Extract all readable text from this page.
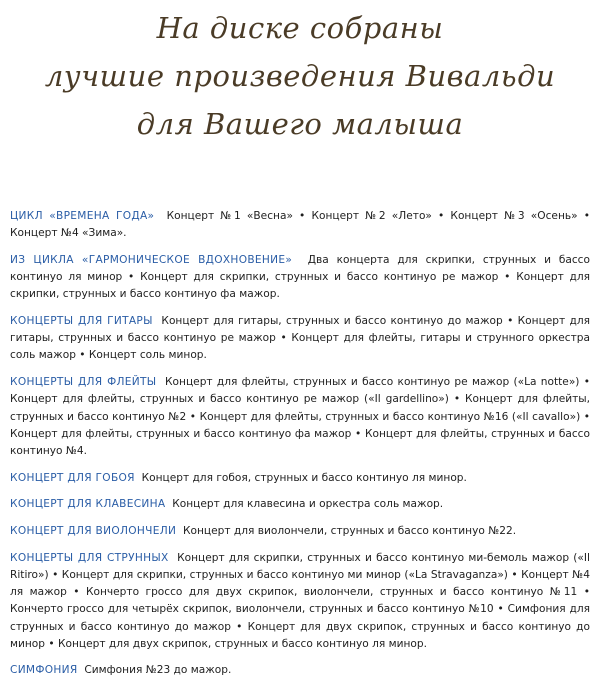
На диске собраны
лучшие произведения Вивальди
для Вашего малыша

ЦИКЛ «ВРЕМЕНА ГОДА» Концерт №1 «Весна» • Концерт №2 «Лето» • Концерт №3 «Осень» • Концерт №4 «Зима».

ИЗ ЦИКЛА «ГАРМОНИЧЕСКОЕ ВДОХНОВЕНИЕ» Два концерта для скрипки, струнных и бассо континуо ля минор • Концерт для скрипки, струнных и бассо континуо ре мажор • Концерт для скрипки, струнных и бассо континуо фа мажор.

КОНЦЕРТЫ ДЛЯ ГИТАРЫ Концерт для гитары, струнных и бассо континуо до мажор • Концерт для гитары, струнных и бассо континуо ре мажор • Концерт для флейты, гитары и струнного оркестра соль мажор • Концерт соль минор.

КОНЦЕРТЫ ДЛЯ ФЛЕЙТЫ Концерт для флейты, струнных и бассо континуо ре мажор («La notte») • Концерт для флейты, струнных и бассо континуо ре мажор («Il gardellino») • Концерт для флейты, струнных и бассо континуо №2 • Концерт для флейты, струнных и бассо континуо №16 («Il cavallo») • Концерт для флейты, струнных и бассо континуо фа мажор • Концерт для флейты, струнных и бассо континуо №4.

КОНЦЕРТ ДЛЯ ГОБОЯ Концерт для гобоя, струнных и бассо континуо ля минор.

КОНЦЕРТ ДЛЯ КЛАВЕСИНА Концерт для клавесина и оркестра соль мажор.

КОНЦЕРТ ДЛЯ ВИОЛОНЧЕЛИ Концерт для виолончели, струнных и бассо континуо №22.

КОНЦЕРТЫ ДЛЯ СТРУННЫХ Концерт для скрипки, струнных и бассо континуо ми-бемоль мажор («Il Ritiro») • Концерт для скрипки, струнных и бассо континуо ми минор («La Stravaganza») • Концерт №4 ля мажор • Кончерто гроссо для двух скрипок, виолончели, струнных и бассо континуо №11 • Кончерто гроссо для четырёх скрипок, виолончели, струнных и бассо континуо №10 • Симфония для струнных и бассо континуо до мажор • Концерт для двух скрипок, струнных и бассо континуо до минор • Концерт для двух скрипок, струнных и бассо континуо ля минор.

СИМФОНИЯ Симфония №23 до мажор.
